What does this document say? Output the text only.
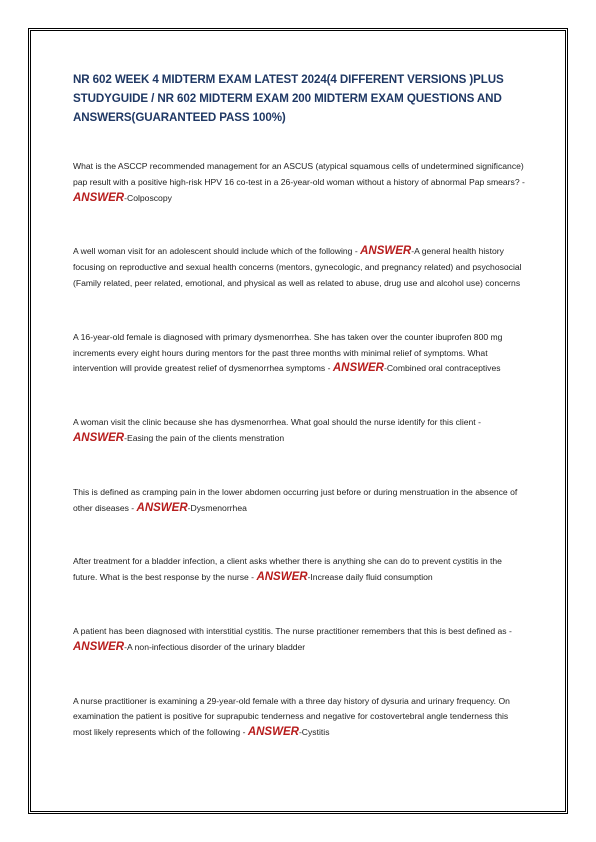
NR 602 WEEK 4 MIDTERM EXAM LATEST 2024(4 DIFFERENT VERSIONS )PLUS STUDYGUIDE / NR 602 MIDTERM EXAM 200 MIDTERM EXAM QUESTIONS AND ANSWERS(GUARANTEED PASS 100%)

What is the ASCCP recommended management for an ASCUS (atypical squamous cells of undetermined significance) pap result with a positive high-risk HPV 16 co-test in a 26-year-old woman without a history of abnormal Pap smears? - ANSWER-Colposcopy

A well woman visit for an adolescent should include which of the following - ANSWER-A general health history focusing on reproductive and sexual health concerns (mentors, gynecologic, and pregnancy related) and psychosocial (Family related, peer related, emotional, and physical as well as related to abuse, drug use and alcohol use) concerns

A 16-year-old female is diagnosed with primary dysmenorrhea. She has taken over the counter ibuprofen 800 mg increments every eight hours during mentors for the past three months with minimal relief of symptoms. What intervention will provide greatest relief of dysmenorrhea symptoms - ANSWER-Combined oral contraceptives

A woman visit the clinic because she has dysmenorrhea. What goal should the nurse identify for this client - ANSWER-Easing the pain of the clients menstration

This is defined as cramping pain in the lower abdomen occurring just before or during menstruation in the absence of other diseases - ANSWER-Dysmenorrhea

After treatment for a bladder infection, a client asks whether there is anything she can do to prevent cystitis in the future. What is the best response by the nurse - ANSWER-Increase daily fluid consumption

A patient has been diagnosed with interstitial cystitis. The nurse practitioner remembers that this is best defined as - ANSWER-A non-infectious disorder of the urinary bladder

A nurse practitioner is examining a 29-year-old female with a three day history of dysuria and urinary frequency. On examination the patient is positive for suprapubic tenderness and negative for costovertebral angle tenderness this most likely represents which of the following - ANSWER-Cystitis
